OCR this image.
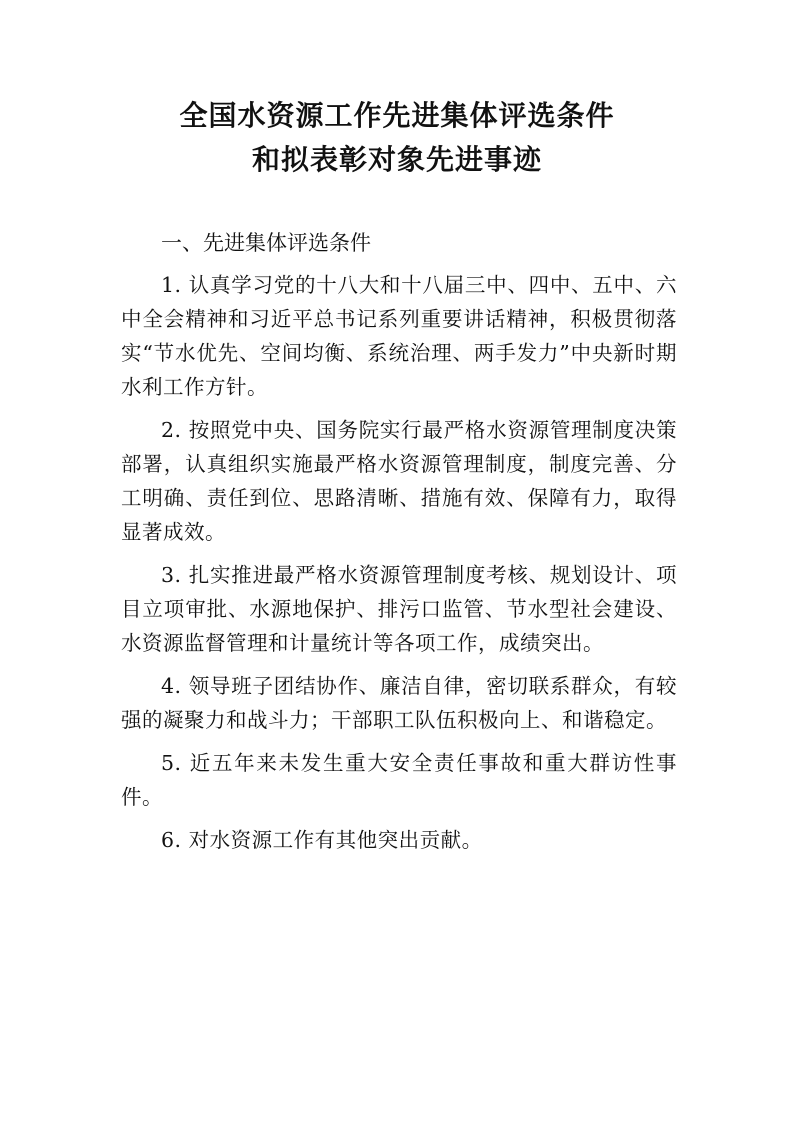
全国水资源工作先进集体评选条件
和拟表彰对象先进事迹
一、先进集体评选条件

1. 认真学习党的十八大和十八届三中、四中、五中、六中全会精神和习近平总书记系列重要讲话精神，积极贯彻落实“节水优先、空间均衡、系统治理、两手发力”中央新时期水利工作方针。

2. 按照党中央、国务院实行最严格水资源管理制度决策部署，认真组织实施最严格水资源管理制度，制度完善、分工明确、责任到位、思路清晰、措施有效、保障有力，取得显著成效。

3. 扎实推进最严格水资源管理制度考核、规划设计、项目立项审批、水源地保护、排污口监管、节水型社会建设、水资源监督管理和计量统计等各项工作，成绩突出。

4. 领导班子团结协作、廉洁自律，密切联系群众，有较强的凝聚力和战斗力；干部职工队伍积极向上、和谐稳定。

5. 近五年来未发生重大安全责任事故和重大群访性事件。

6. 对水资源工作有其他突出贡献。
